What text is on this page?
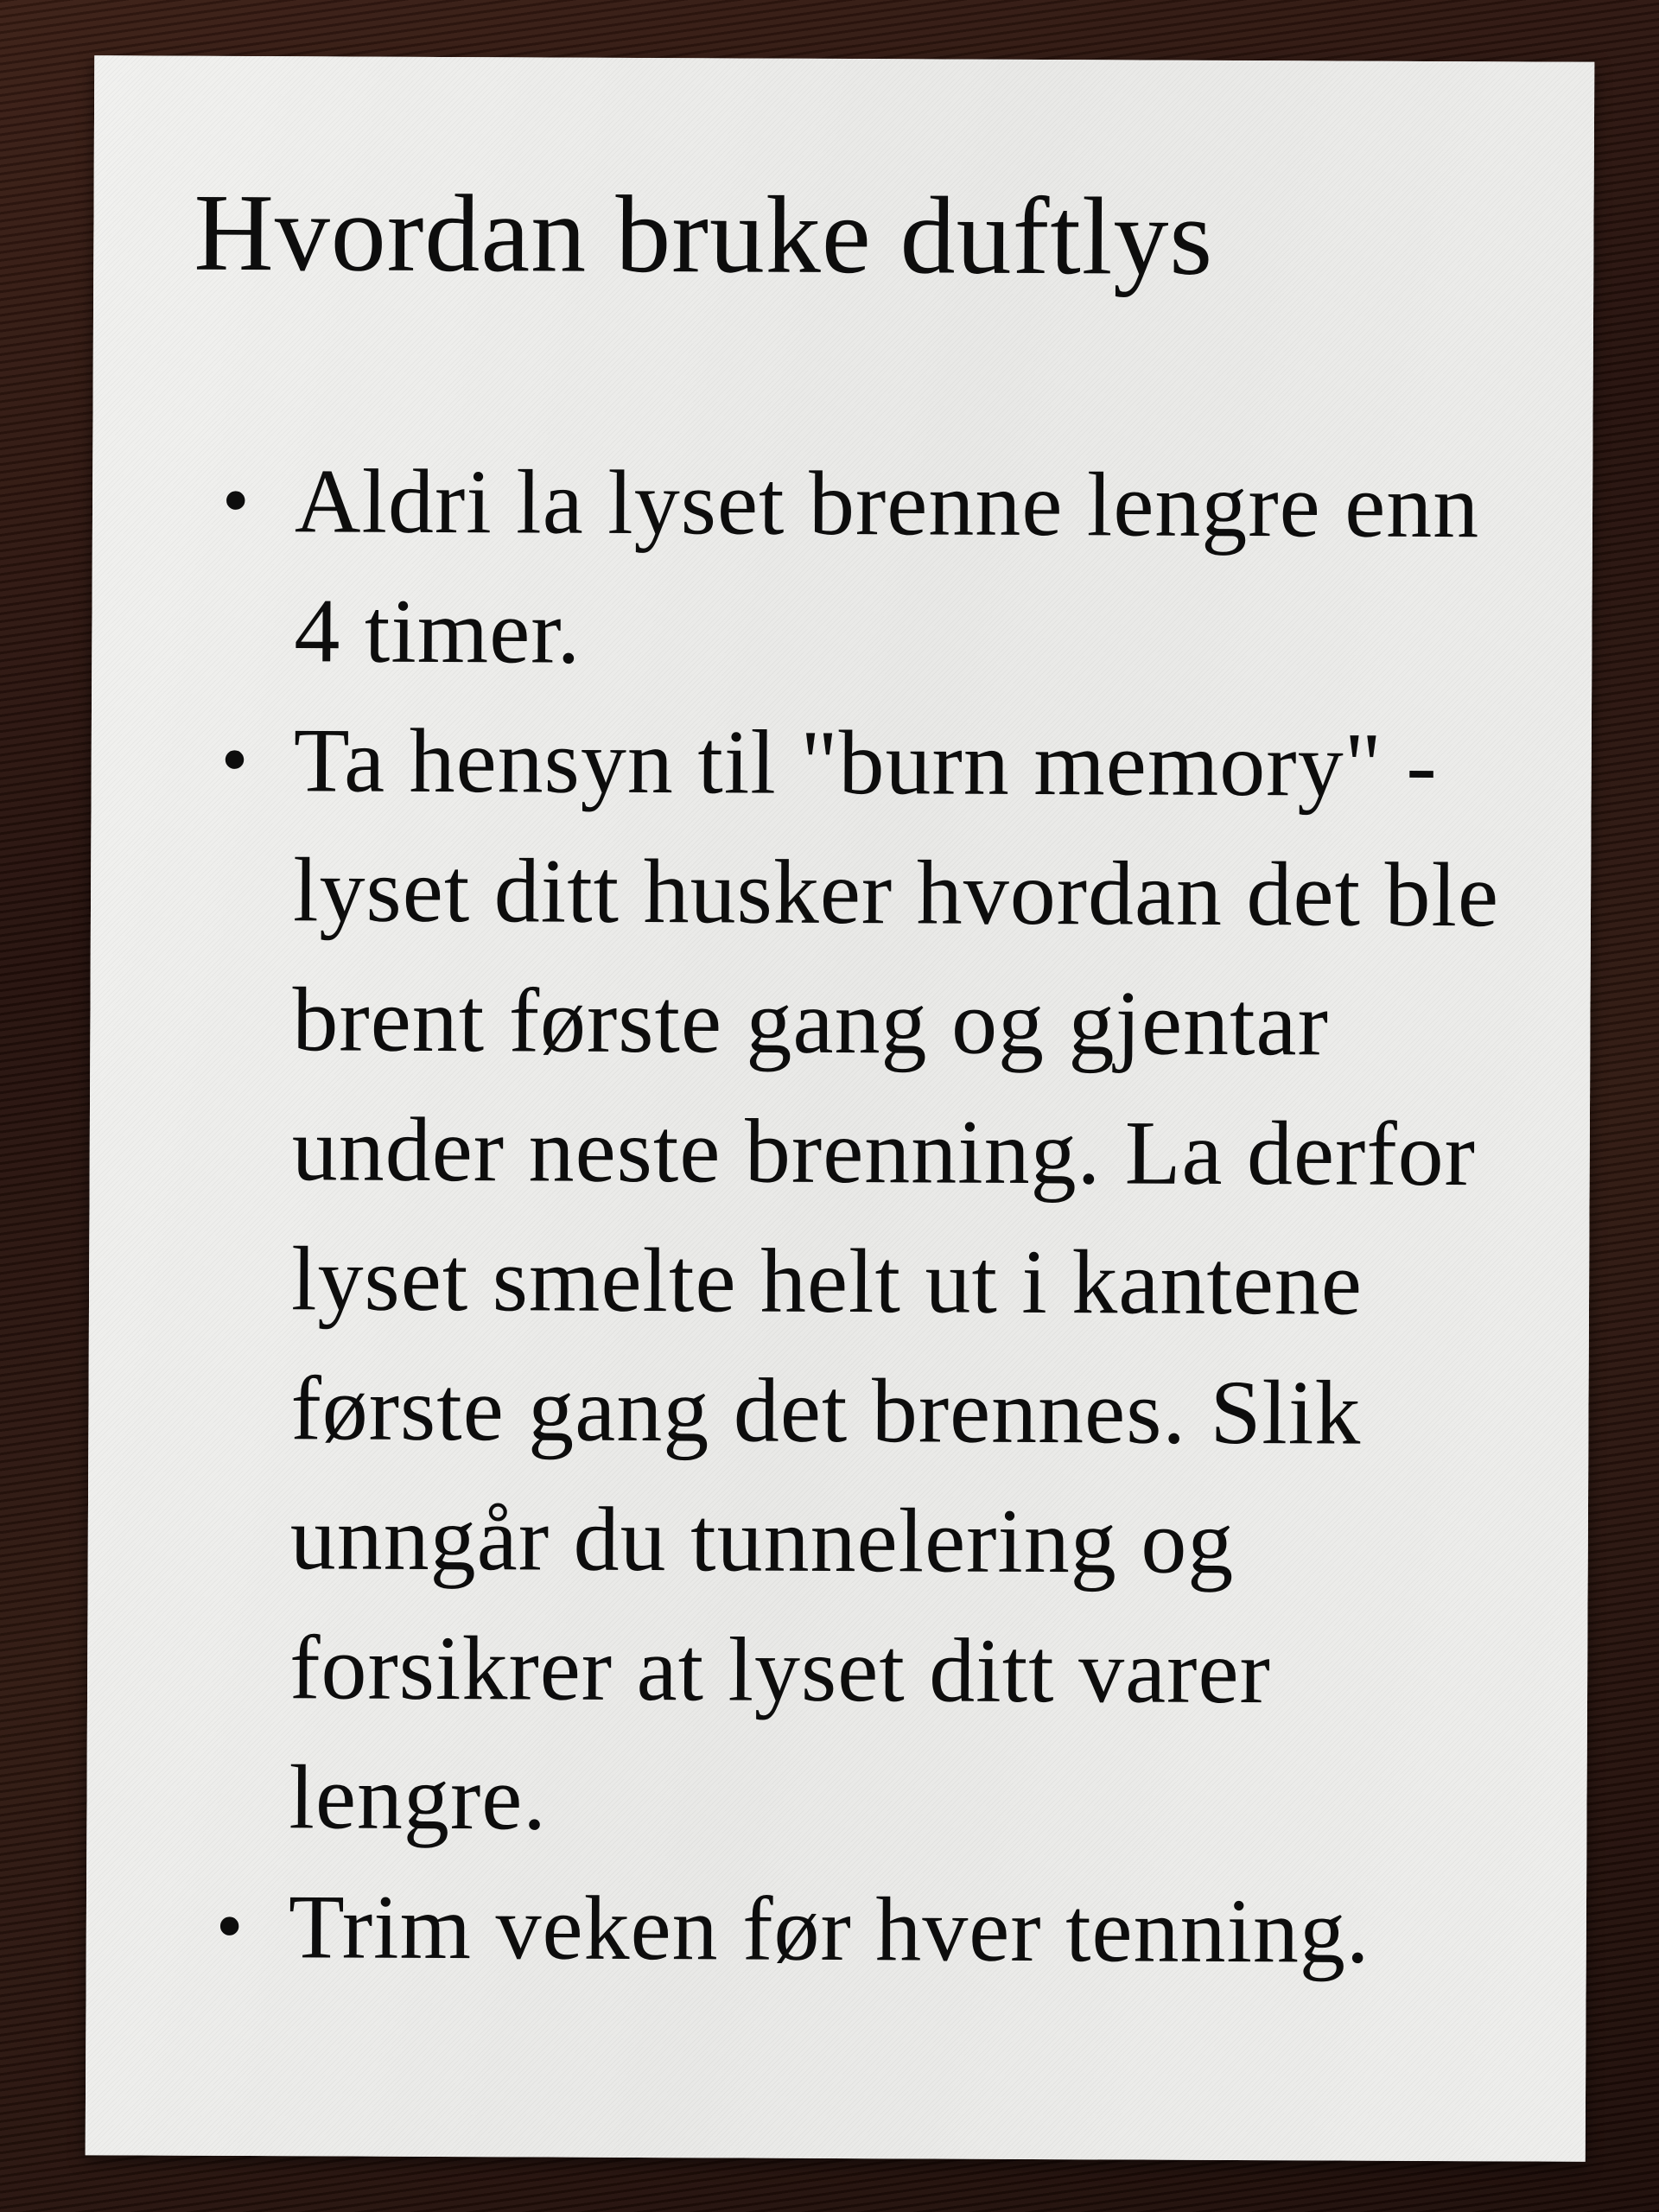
Hvordan bruke duftlys
• Aldri la lyset brenne lengre enn 4 timer.
• Ta hensyn til "burn memory" - lyset ditt husker hvordan det ble brent første gang og gjentar under neste brenning. La derfor lyset smelte helt ut i kantene første gang det brennes. Slik unngår du tunnelering og forsikrer at lyset ditt varer lengre.
• Trim veken før hver tenning.
